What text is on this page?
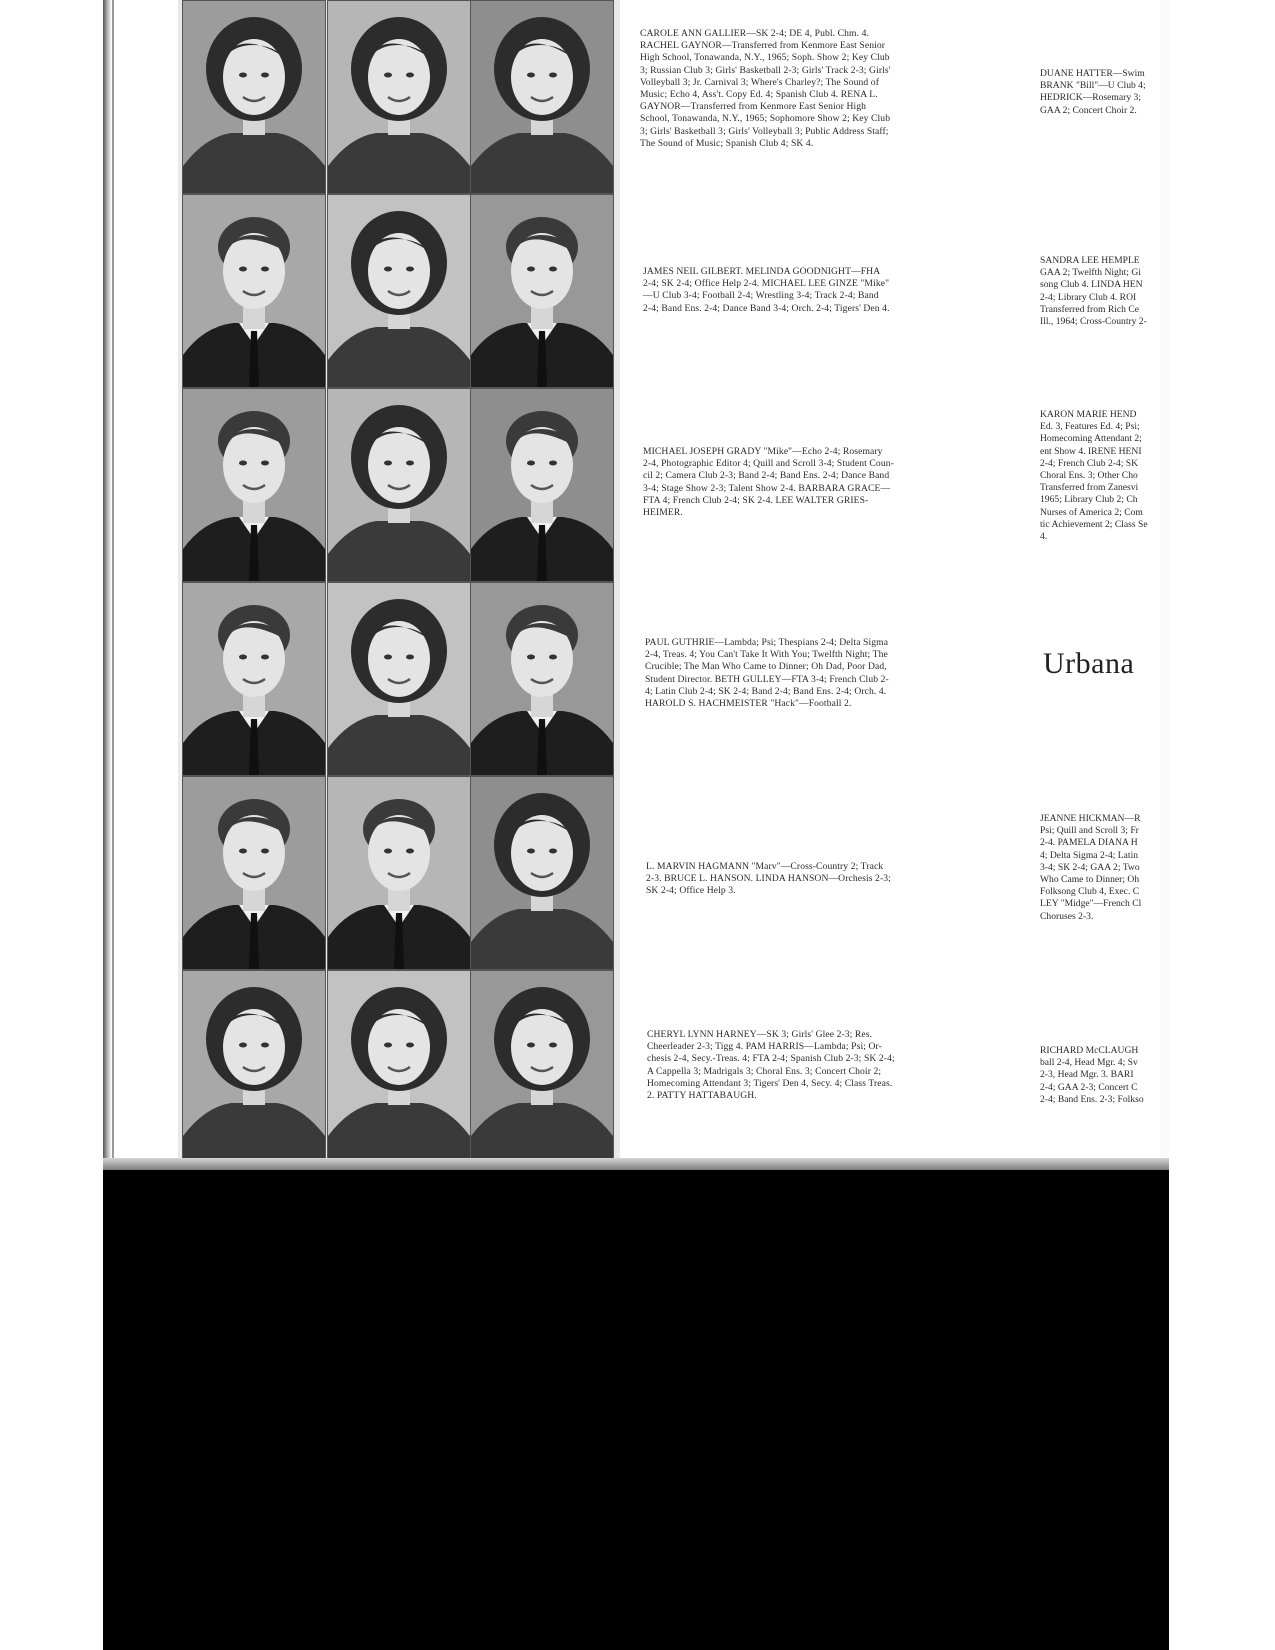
CAROLE ANN GALLIER—SK 2-4; DE 4, Publ. Chm. 4.
RACHEL GAYNOR—Transferred from Kenmore East Senior
High School, Tonawanda, N.Y., 1965; Soph. Show 2; Key Club
3; Russian Club 3; Girls' Basketball 2-3; Girls' Track 2-3; Girls'
Volleyball 3; Jr. Carnival 3; Where's Charley?; The Sound of
Music; Echo 4, Ass't. Copy Ed. 4; Spanish Club 4. RENA L.
GAYNOR—Transferred from Kenmore East Senior High
School, Tonawanda, N.Y., 1965; Sophomore Show 2; Key Club
3; Girls' Basketball 3; Girls' Volleyball 3; Public Address Staff;
The Sound of Music; Spanish Club 4; SK 4.
JAMES NEIL GILBERT. MELINDA GOODNIGHT—FHA
2-4; SK 2-4; Office Help 2-4. MICHAEL LEE GINZE "Mike"
—U Club 3-4; Football 2-4; Wrestling 3-4; Track 2-4; Band
2-4; Band Ens. 2-4; Dance Band 3-4; Orch. 2-4; Tigers' Den 4.
MICHAEL JOSEPH GRADY "Mike"—Echo 2-4; Rosemary
2-4, Photographic Editor 4; Quill and Scroll 3-4; Student Coun-
cil 2; Camera Club 2-3; Band 2-4; Band Ens. 2-4; Dance Band
3-4; Stage Show 2-3; Talent Show 2-4. BARBARA GRACE—
FTA 4; French Club 2-4; SK 2-4. LEE WALTER GRIES-
HEIMER.
PAUL GUTHRIE—Lambda; Psi; Thespians 2-4; Delta Sigma
2-4, Treas. 4; You Can't Take It With You; Twelfth Night; The
Crucible; The Man Who Came to Dinner; Oh Dad, Poor Dad,
Student Director. BETH GULLEY—FTA 3-4; French Club 2-
4; Latin Club 2-4; SK 2-4; Band 2-4; Band Ens. 2-4; Orch. 4.
HAROLD S. HACHMEISTER "Hack"—Football 2.
L. MARVIN HAGMANN "Marv"—Cross-Country 2; Track
2-3. BRUCE L. HANSON. LINDA HANSON—Orchesis 2-3;
SK 2-4; Office Help 3.
CHERYL LYNN HARNEY—SK 3; Girls' Glee 2-3; Res.
Cheerleader 2-3; Tigg 4. PAM HARRIS—Lambda; Psi; Or-
chesis 2-4, Secy.-Treas. 4; FTA 2-4; Spanish Club 2-3; SK 2-4;
A Cappella 3; Madrigals 3; Choral Ens. 3; Concert Choir 2;
Homecoming Attendant 3; Tigers' Den 4, Secy. 4; Class Treas.
2. PATTY HATTABAUGH.
DUANE HATTER—Swim
BRANK "Bill"—U Club 4;
HEDRICK—Rosemary 3;
GAA 2; Concert Choir 2.
SANDRA LEE HEMPLE
GAA 2; Twelfth Night; Gi
song Club 4. LINDA HEN
2-4; Library Club 4. ROI
Transferred from Rich Ce
Ill., 1964; Cross-Country 2-
KARON MARIE HEND
Ed. 3, Features Ed. 4; Psi;
Homecoming Attendant 2;
ent Show 4. IRENE HENI
2-4; French Club 2-4; SK
Choral Ens. 3; Other Cho
Transferred from Zanesvi
1965; Library Club 2; Ch
Nurses of America 2; Com
tic Achievement 2; Class Se
4.
Urbana
JEANNE HICKMAN—R
Psi; Quill and Scroll 3; Fr
2-4. PAMELA DIANA H
4; Delta Sigma 2-4; Latin
3-4; SK 2-4; GAA 2; Two
Who Came to Dinner; Oh
Folksong Club 4, Exec. C
LEY "Midge"—French Cl
Choruses 2-3.
RICHARD McCLAUGH
ball 2-4, Head Mgr. 4; Sv
2-3, Head Mgr. 3. BARI
2-4; GAA 2-3; Concert C
2-4; Band Ens. 2-3; Folkso
